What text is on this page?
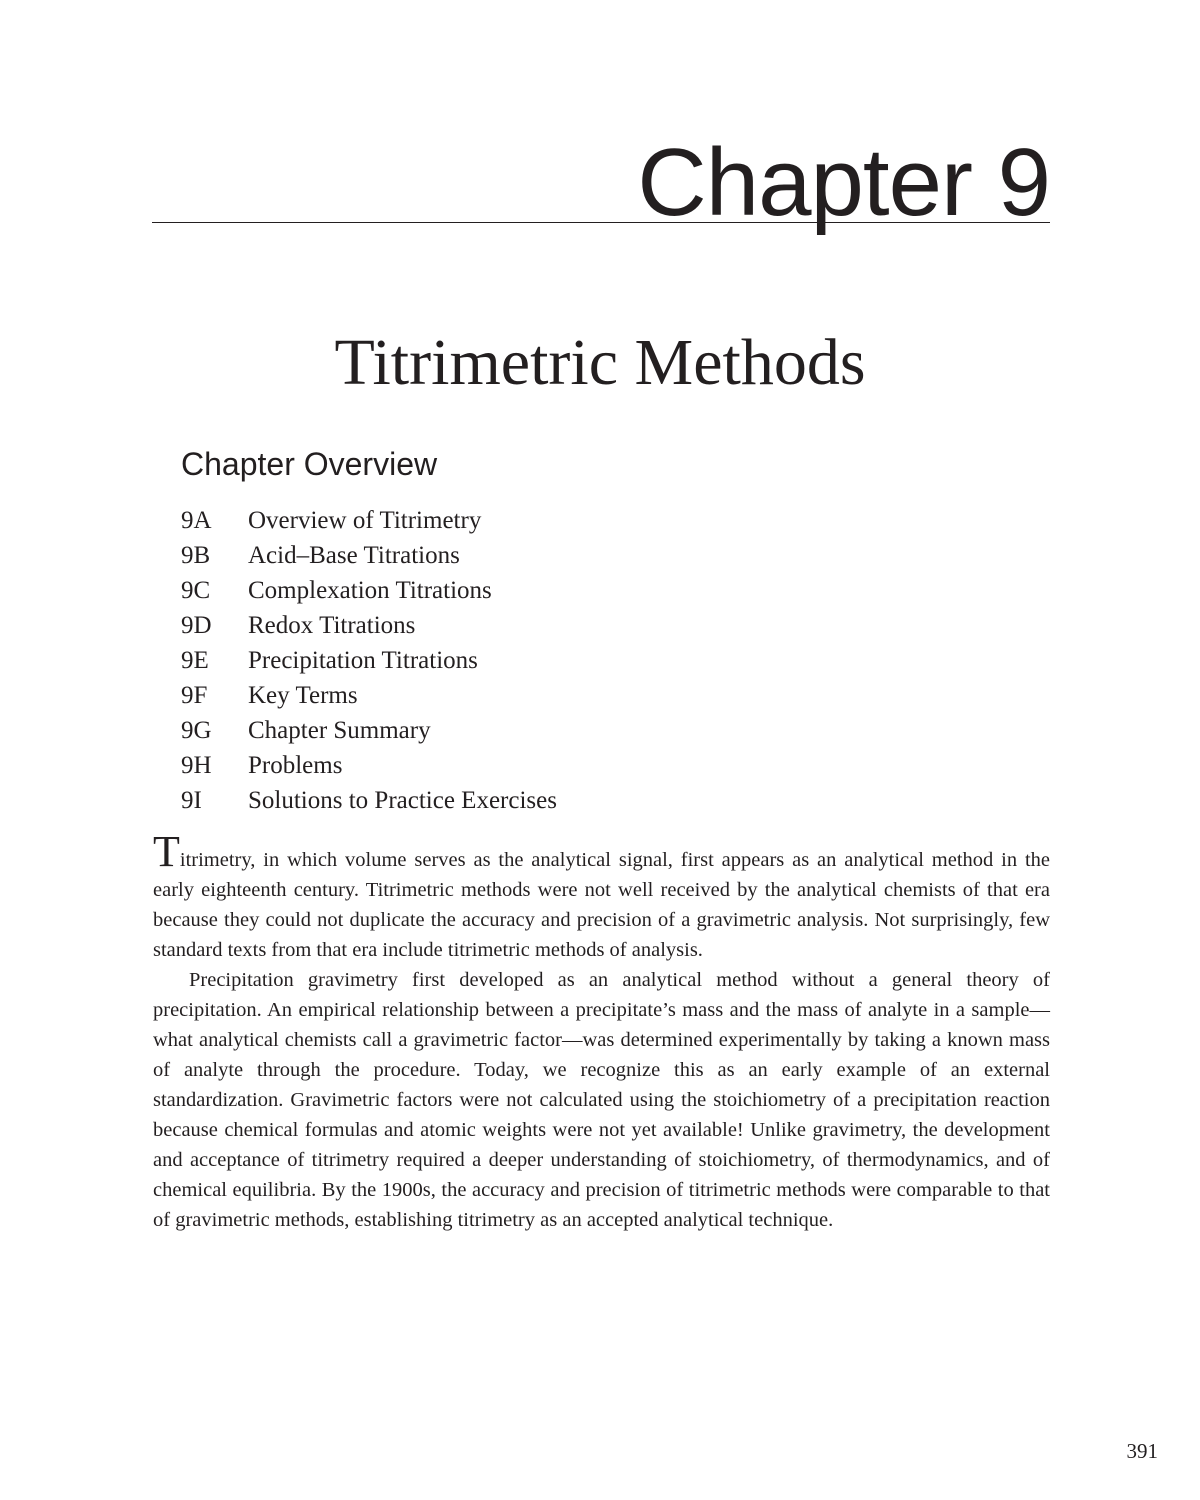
Chapter 9
Titrimetric Methods
Chapter Overview
9A	Overview of Titrimetry
9B	Acid–Base Titrations
9C	Complexation Titrations
9D	Redox Titrations
9E	Precipitation Titrations
9F	Key Terms
9G	Chapter Summary
9H	Problems
9I	Solutions to Practice Exercises

Titrimetry, in which volume serves as the analytical signal, first appears as an analytical method in the early eighteenth century. Titrimetric methods were not well received by the analytical chemists of that era because they could not duplicate the accuracy and precision of a gravimetric analysis. Not surprisingly, few standard texts from that era include titrimetric methods of analysis.

Precipitation gravimetry first developed as an analytical method without a general theory of precipitation. An empirical relationship between a precipitate’s mass and the mass of analyte in a sample—what analytical chemists call a gravimetric factor—was determined experimentally by taking a known mass of analyte through the procedure. Today, we recognize this as an early example of an external standardization. Gravimetric factors were not calculated using the stoichiometry of a precipitation reaction because chemical formulas and atomic weights were not yet available! Unlike gravimetry, the development and acceptance of titrimetry required a deeper understanding of stoichiometry, of thermodynamics, and of chemical equilibria. By the 1900s, the accuracy and precision of titrimetric methods were comparable to that of gravimetric methods, establishing titrimetry as an accepted analytical technique.

391
